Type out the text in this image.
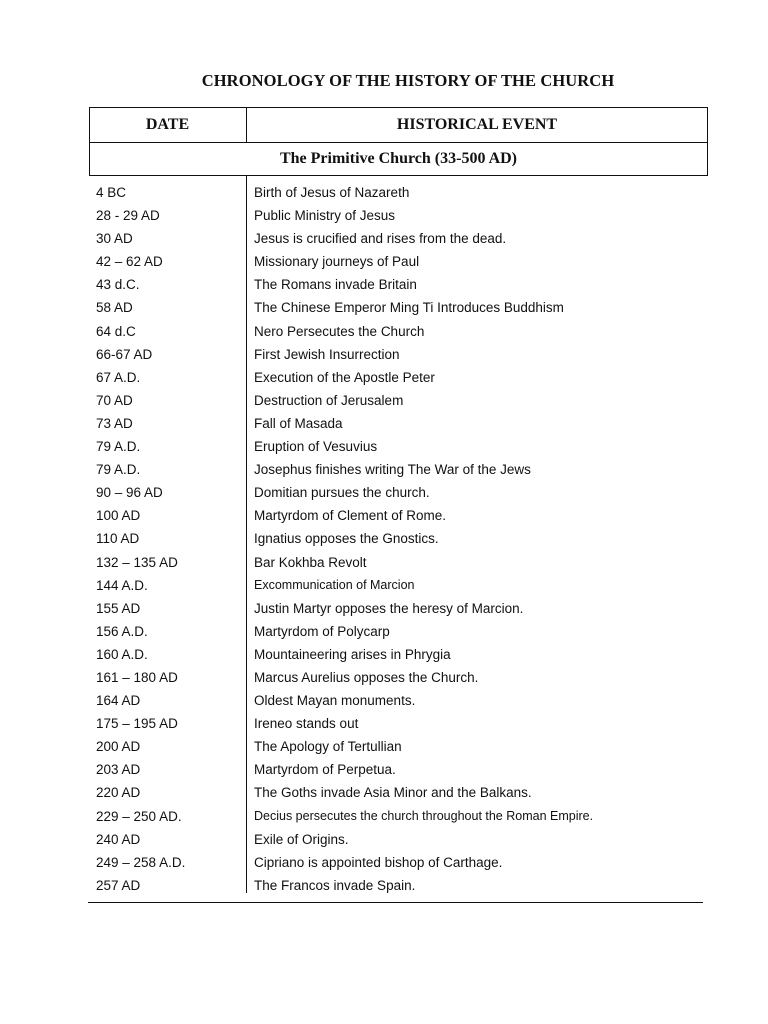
CHRONOLOGY OF THE HISTORY OF THE CHURCH
DATE	HISTORICAL EVENT
The Primitive Church (33-500 AD)
4 BC	Birth of Jesus of Nazareth
28 - 29 AD	Public Ministry of Jesus
30 AD	Jesus is crucified and rises from the dead.
42 – 62 AD	Missionary journeys of Paul
43 d.C.	The Romans invade Britain
58 AD	The Chinese Emperor Ming Ti Introduces Buddhism
64 d.C	Nero Persecutes the Church
66-67 AD	First Jewish Insurrection
67 A.D.	Execution of the Apostle Peter
70 AD	Destruction of Jerusalem
73 AD	Fall of Masada
79 A.D.	Eruption of Vesuvius
79 A.D.	Josephus finishes writing The War of the Jews
90 – 96 AD	Domitian pursues the church.
100 AD	Martyrdom of Clement of Rome.
110 AD	Ignatius opposes the Gnostics.
132 – 135 AD	Bar Kokhba Revolt
144 A.D.	Excommunication of Marcion
155 AD	Justin Martyr opposes the heresy of Marcion.
156 A.D.	Martyrdom of Polycarp
160 A.D.	Mountaineering arises in Phrygia
161 – 180 AD	Marcus Aurelius opposes the Church.
164 AD	Oldest Mayan monuments.
175 – 195 AD	Ireneo stands out
200 AD	The Apology of Tertullian
203 AD	Martyrdom of Perpetua.
220 AD	The Goths invade Asia Minor and the Balkans.
229 – 250 AD.	Decius persecutes the church throughout the Roman Empire.
240 AD	Exile of Origins.
249 – 258 A.D.	Cipriano is appointed bishop of Carthage.
257 AD	The Francos invade Spain.
